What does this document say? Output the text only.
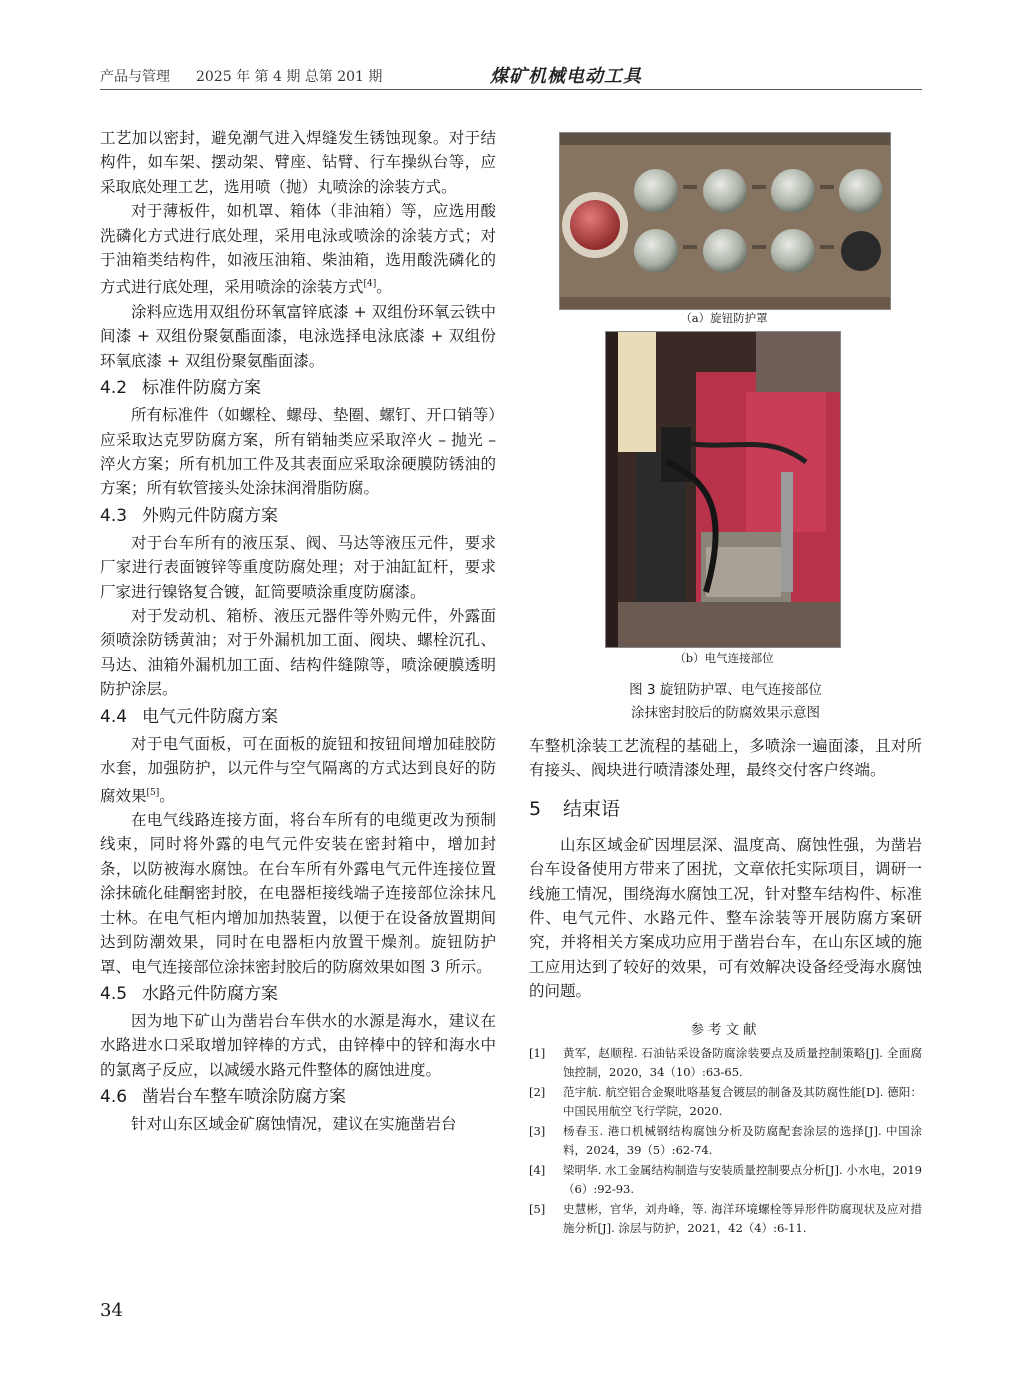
产品与管理 2025 年 第 4 期 总第 201 期	煤矿机械电动工具

工艺加以密封，避免潮气进入焊缝发生锈蚀现象。对于结构件，如车架、摆动架、臂座、钻臂、行车操纵台等，应采取底处理工艺，选用喷（抛）丸喷涂的涂装方式。

对于薄板件，如机罩、箱体（非油箱）等，应选用酸洗磷化方式进行底处理，采用电泳或喷涂的涂装方式；对于油箱类结构件，如液压油箱、柴油箱，选用酸洗磷化的方式进行底处理，采用喷涂的涂装方式[4]。

涂料应选用双组份环氧富锌底漆 + 双组份环氧云铁中间漆 + 双组份聚氨酯面漆，电泳选择电泳底漆 + 双组份环氧底漆 + 双组份聚氨酯面漆。

4.2 标准件防腐方案

所有标准件（如螺栓、螺母、垫圈、螺钉、开口销等）应采取达克罗防腐方案，所有销轴类应采取淬火 – 抛光 – 淬火方案；所有机加工件及其表面应采取涂硬膜防锈油的方案；所有软管接头处涂抹润滑脂防腐。

4.3 外购元件防腐方案

对于台车所有的液压泵、阀、马达等液压元件，要求厂家进行表面镀锌等重度防腐处理；对于油缸缸杆，要求厂家进行镍铬复合镀，缸筒要喷涂重度防腐漆。

对于发动机、箱桥、液压元器件等外购元件，外露面须喷涂防锈黄油；对于外漏机加工面、阀块、螺栓沉孔、马达、油箱外漏机加工面、结构件缝隙等，喷涂硬膜透明防护涂层。

4.4 电气元件防腐方案

对于电气面板，可在面板的旋钮和按钮间增加硅胶防水套，加强防护，以元件与空气隔离的方式达到良好的防腐效果[5]。

在电气线路连接方面，将台车所有的电缆更改为预制线束，同时将外露的电气元件安装在密封箱中，增加封条，以防被海水腐蚀。在台车所有外露电气元件连接位置涂抹硫化硅酮密封胶，在电器柜接线端子连接部位涂抹凡士林。在电气柜内增加加热装置，以便于在设备放置期间达到防潮效果，同时在电器柜内放置干燥剂。旋钮防护罩、电气连接部位涂抹密封胶后的防腐效果如图 3 所示。

4.5 水路元件防腐方案

因为地下矿山为凿岩台车供水的水源是海水，建议在水路进水口采取增加锌棒的方式，由锌棒中的锌和海水中的氯离子反应，以减缓水路元件整体的腐蚀进度。

4.6 凿岩台车整车喷涂防腐方案

针对山东区域金矿腐蚀情况，建议在实施凿岩台

（a）旋钮防护罩
（b）电气连接部位
图 3 旋钮防护罩、电气连接部位
涂抹密封胶后的防腐效果示意图

车整机涂装工艺流程的基础上，多喷涂一遍面漆，且对所有接头、阀块进行喷清漆处理，最终交付客户终端。

5 结束语

山东区域金矿因埋层深、温度高、腐蚀性强，为凿岩台车设备使用方带来了困扰，文章依托实际项目，调研一线施工情况，围绕海水腐蚀工况，针对整车结构件、标准件、电气元件、水路元件、整车涂装等开展防腐方案研究，并将相关方案成功应用于凿岩台车，在山东区域的施工应用达到了较好的效果，可有效解决设备经受海水腐蚀的问题。

参考文献
[1]	黄军，赵顺程. 石油钻采设备防腐涂装要点及质量控制策略[J]. 全面腐蚀控制，2020，34（10）:63-65.
[2]	范宇航. 航空铝合金聚吡咯基复合镀层的制备及其防腐性能[D]. 德阳：中国民用航空飞行学院，2020.
[3]	杨春玉. 港口机械钢结构腐蚀分析及防腐配套涂层的选择[J]. 中国涂料，2024，39（5）:62-74.
[4]	梁明华. 水工金属结构制造与安装质量控制要点分析[J]. 小水电，2019（6）:92-93.
[5]	史慧彬，官华，刘舟峰，等. 海洋环境螺栓等异形件防腐现状及应对措施分析[J]. 涂层与防护，2021，42（4）:6-11.
34
